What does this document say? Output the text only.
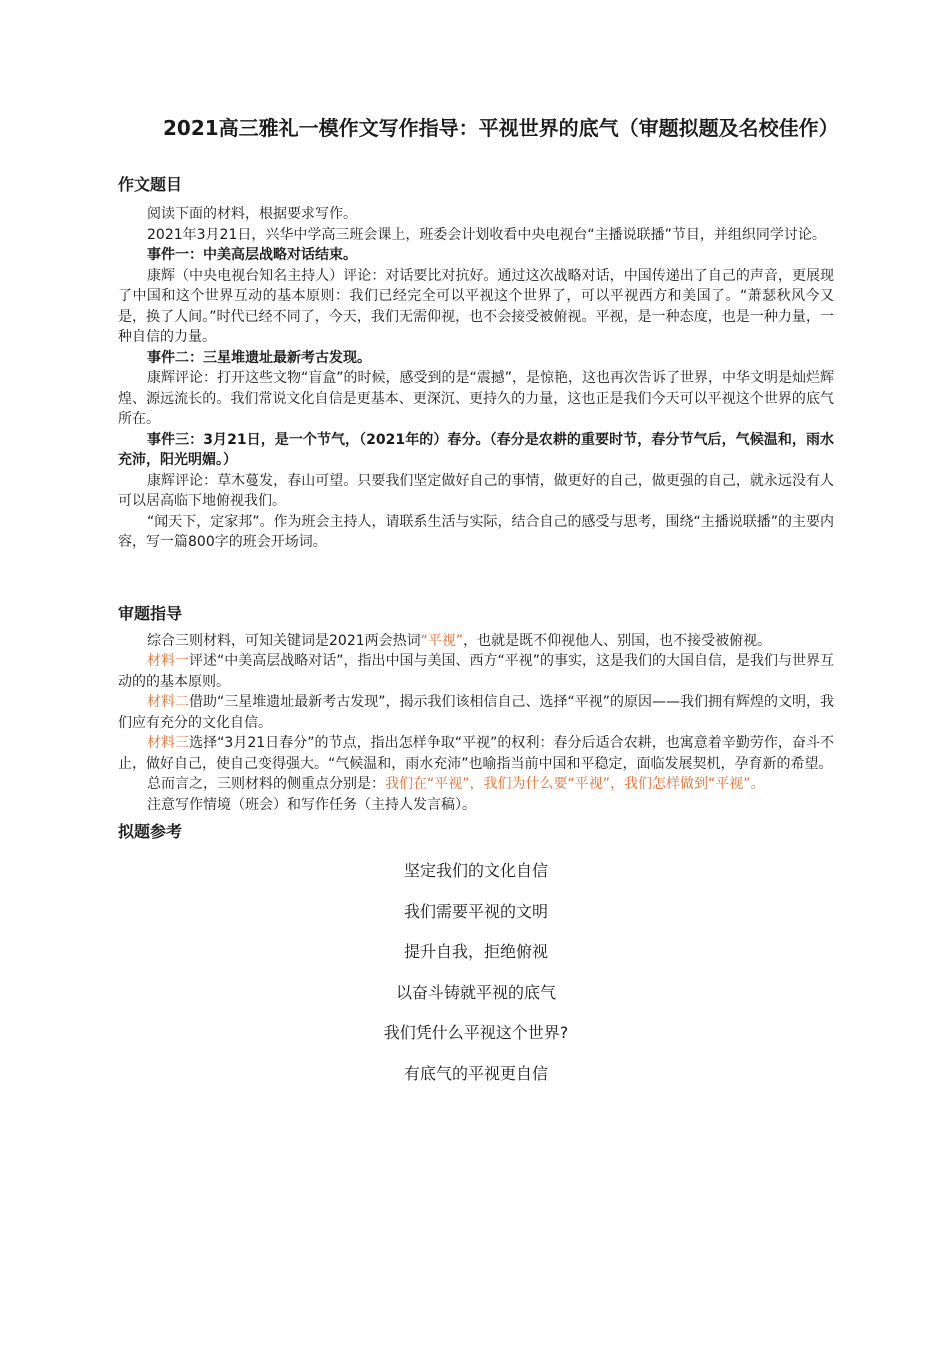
2021高三雅礼一模作文写作指导：平视世界的底气（审题拟题及名校佳作）

作文题目

阅读下面的材料，根据要求写作。

2021年3月21日，兴华中学高三班会课上，班委会计划收看中央电视台“主播说联播”节目，并组织同学讨论。

事件一：中美高层战略对话结束。

康辉（中央电视台知名主持人）评论：对话要比对抗好。通过这次战略对话，中国传递出了自己的声音，更展现了中国和这个世界互动的基本原则：我们已经完全可以平视这个世界了，可以平视西方和美国了。“萧瑟秋风今又是，换了人间。”时代已经不同了，今天，我们无需仰视，也不会接受被俯视。平视，是一种态度，也是一种力量，一种自信的力量。

事件二：三星堆遗址最新考古发现。

康辉评论：打开这些文物“盲盒”的时候，感受到的是“震撼”，是惊艳，这也再次告诉了世界，中华文明是灿烂辉煌、源远流长的。我们常说文化自信是更基本、更深沉、更持久的力量，这也正是我们今天可以平视这个世界的底气所在。

事件三：3月21日，是一个节气，（2021年的）春分。（春分是农耕的重要时节，春分节气后，气候温和，雨水充沛，阳光明媚。）

康辉评论：草木蔓发，春山可望。只要我们坚定做好自己的事情，做更好的自己，做更强的自己，就永远没有人可以居高临下地俯视我们。

“闻天下，定家邦”。作为班会主持人，请联系生活与实际，结合自己的感受与思考，围绕“主播说联播”的主要内容，写一篇800字的班会开场词。

审题指导

综合三则材料，可知关键词是2021两会热词“平视”，也就是既不仰视他人、别国，也不接受被俯视。

材料一评述“中美高层战略对话”，指出中国与美国、西方“平视”的事实，这是我们的大国自信，是我们与世界互动的的基本原则。

材料二借助“三星堆遗址最新考古发现”，揭示我们该相信自己、选择“平视”的原因——我们拥有辉煌的文明，我们应有充分的文化自信。

材料三选择“3月21日春分”的节点，指出怎样争取“平视”的权利：春分后适合农耕，也寓意着辛勤劳作，奋斗不止，做好自己，使自己变得强大。“气候温和，雨水充沛”也喻指当前中国和平稳定，面临发展契机，孕育新的希望。

总而言之，三则材料的侧重点分别是：我们在“平视”，我们为什么要“平视”，我们怎样做到“平视”。

注意写作情境（班会）和写作任务（主持人发言稿）。

拟题参考

坚定我们的文化自信

我们需要平视的文明

提升自我，拒绝俯视

以奋斗铸就平视的底气

我们凭什么平视这个世界?

有底气的平视更自信
